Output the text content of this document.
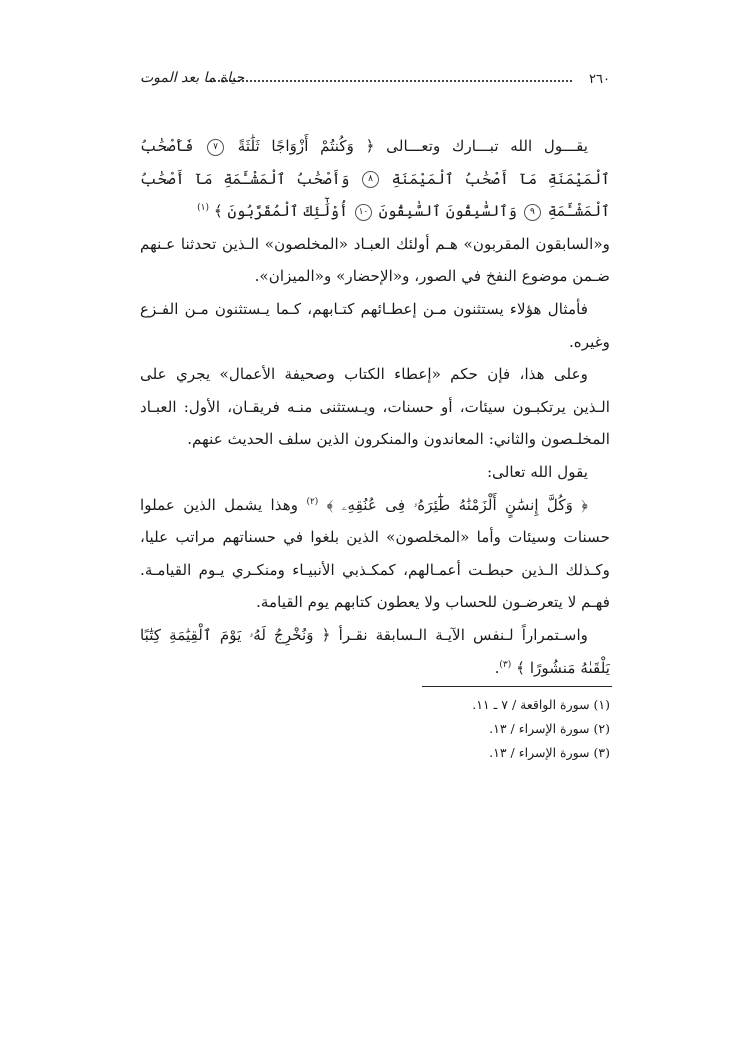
٢٦٠
حياة ما بعد الموت

يقـــول الله تبـــارك وتعـــالى ﴿ وَكُنتُمْ أَزْوَاجًا ثَلَٰثَةً ٧ فَأَصْحَٰبُ ٱلْمَيْمَنَةِ مَآ أَصْحَٰبُ ٱلْمَيْمَنَةِ ٨ وَأَصْحَٰبُ ٱلْمَشْـَٔمَةِ مَآ أَصْحَٰبُ ٱلْمَشْـَٔمَةِ ٩ وَٱلسَّٰبِقُونَ ٱلسَّٰبِقُونَ ١٠ أُوْلَٰٓئِكَ ٱلْمُقَرَّبُونَ ﴾ $^{(١)}$

و«السابقون المقربون» هـم أولئك العبـاد «المخلصون» الـذين تحدثنا عـنهم ضـمن موضوع النفخ في الصور، و«الإحضار» و«الميزان».

فأمثال هؤلاء يستثنون مـن إعطـائهم كتـابهم، كـما يـستثنون مـن الفـزع وغيره.

وعلى هذا، فإن حكم «إعطاء الكتاب وصحيفة الأعمال» يجري على الـذين يرتكبـون سيئات، أو حسنات، ويـستثنى منـه فريقـان، الأول: العبـاد المخلـصون والثاني: المعاندون والمنكرون الذين سلف الحديث عنهم.

يقول الله تعالى:

﴿ وَكُلَّ إِنسَٰنٍ أَلْزَمْنَٰهُ طَٰٓئِرَهُۥ فِى عُنُقِهِۦ ﴾ $^{(٢)}$ وهذا يشمل الذين عملوا حسنات وسيئات وأما «المخلصون» الذين بلغوا في حسناتهم مراتب عليا، وكـذلك الـذين حبطـت أعمـالهم، كمكـذبي الأنبيـاء ومنكـري يـوم القيامـة. فهـم لا يتعرضـون للحساب ولا يعطون كتابهم يوم القيامة.

واسـتمراراً لـنفس الآيـة الـسابقة نقـرأ ﴿ وَنُخْرِجُ لَهُۥ يَوْمَ ٱلْقِيَٰمَةِ كِتَٰبًا يَلْقَىٰهُ مَنشُورًا ﴾ $^{(٣)}$.

(١) سورة الواقعة / ٧ ـ ١١.

(٢) سورة الإسراء / ١٣.

(٣) سورة الإسراء / ١٣.
